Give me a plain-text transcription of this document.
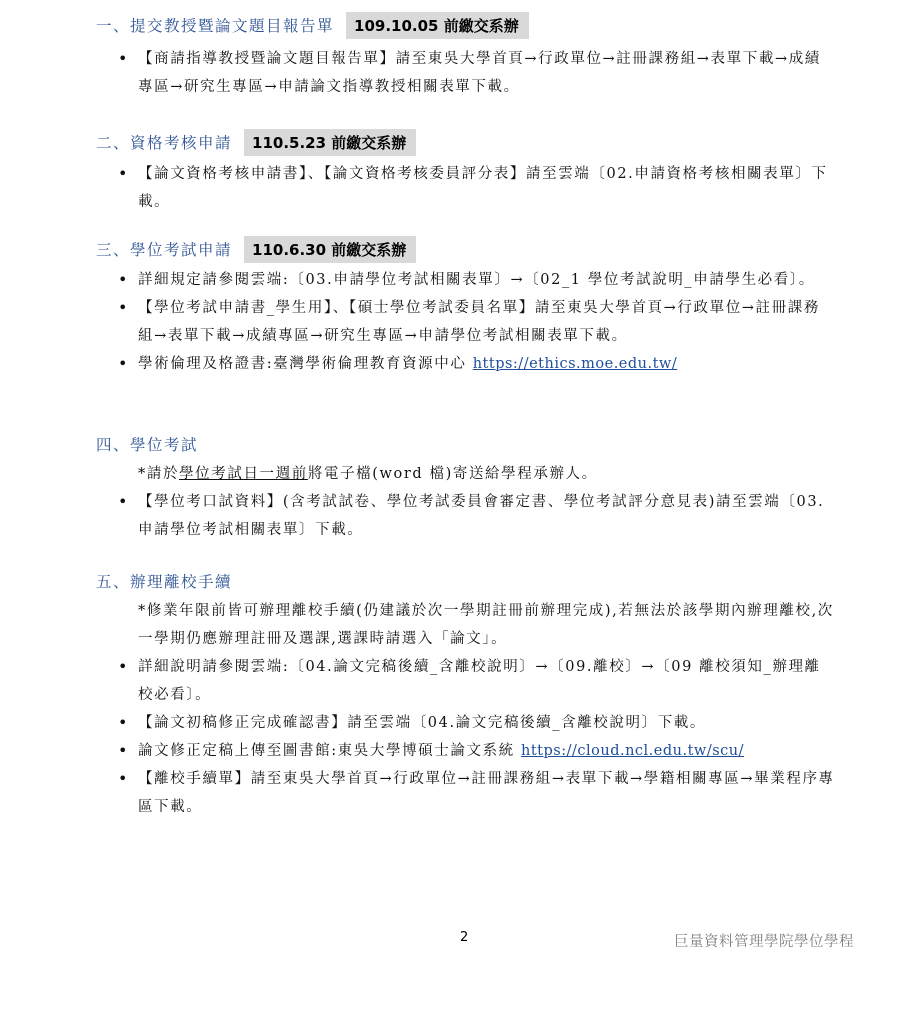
一、提交教授暨論文題目報告單	109.10.05 前繳交系辦
• 【商請指導教授暨論文題目報告單】請至東吳大學首頁→行政單位→註冊課務組→表單下載→成績專區→研究生專區→申請論文指導教授相關表單下載。
二、資格考核申請	110.5.23 前繳交系辦
• 【論文資格考核申請書】、【論文資格考核委員評分表】請至雲端〔02.申請資格考核相關表單〕下載。
三、學位考試申請	110.6.30 前繳交系辦
• 詳細規定請參閱雲端:〔03.申請學位考試相關表單〕→〔02_1 學位考試說明_申請學生必看〕。
• 【學位考試申請書_學生用】、【碩士學位考試委員名單】請至東吳大學首頁→行政單位→註冊課務組→表單下載→成績專區→研究生專區→申請學位考試相關表單下載。
• 學術倫理及格證書:臺灣學術倫理教育資源中心 https://ethics.moe.edu.tw/
四、學位考試
*請於學位考試日一週前將電子檔(word 檔)寄送給學程承辦人。
• 【學位考口試資料】(含考試試卷、學位考試委員會審定書、學位考試評分意見表)請至雲端〔03.申請學位考試相關表單〕下載。
五、辦理離校手續
*修業年限前皆可辦理離校手續(仍建議於次一學期註冊前辦理完成),若無法於該學期內辦理離校,次一學期仍應辦理註冊及選課,選課時請選入「論文」。
• 詳細說明請參閱雲端:〔04.論文完稿後續_含離校說明〕→〔09.離校〕→〔09 離校須知_辦理離校必看〕。
• 【論文初稿修正完成確認書】請至雲端〔04.論文完稿後續_含離校說明〕下載。
• 論文修正定稿上傳至圖書館:東吳大學博碩士論文系統 https://cloud.ncl.edu.tw/scu/
• 【離校手續單】請至東吳大學首頁→行政單位→註冊課務組→表單下載→學籍相關專區→畢業程序專區下載。
2	巨量資料管理學院學位學程
